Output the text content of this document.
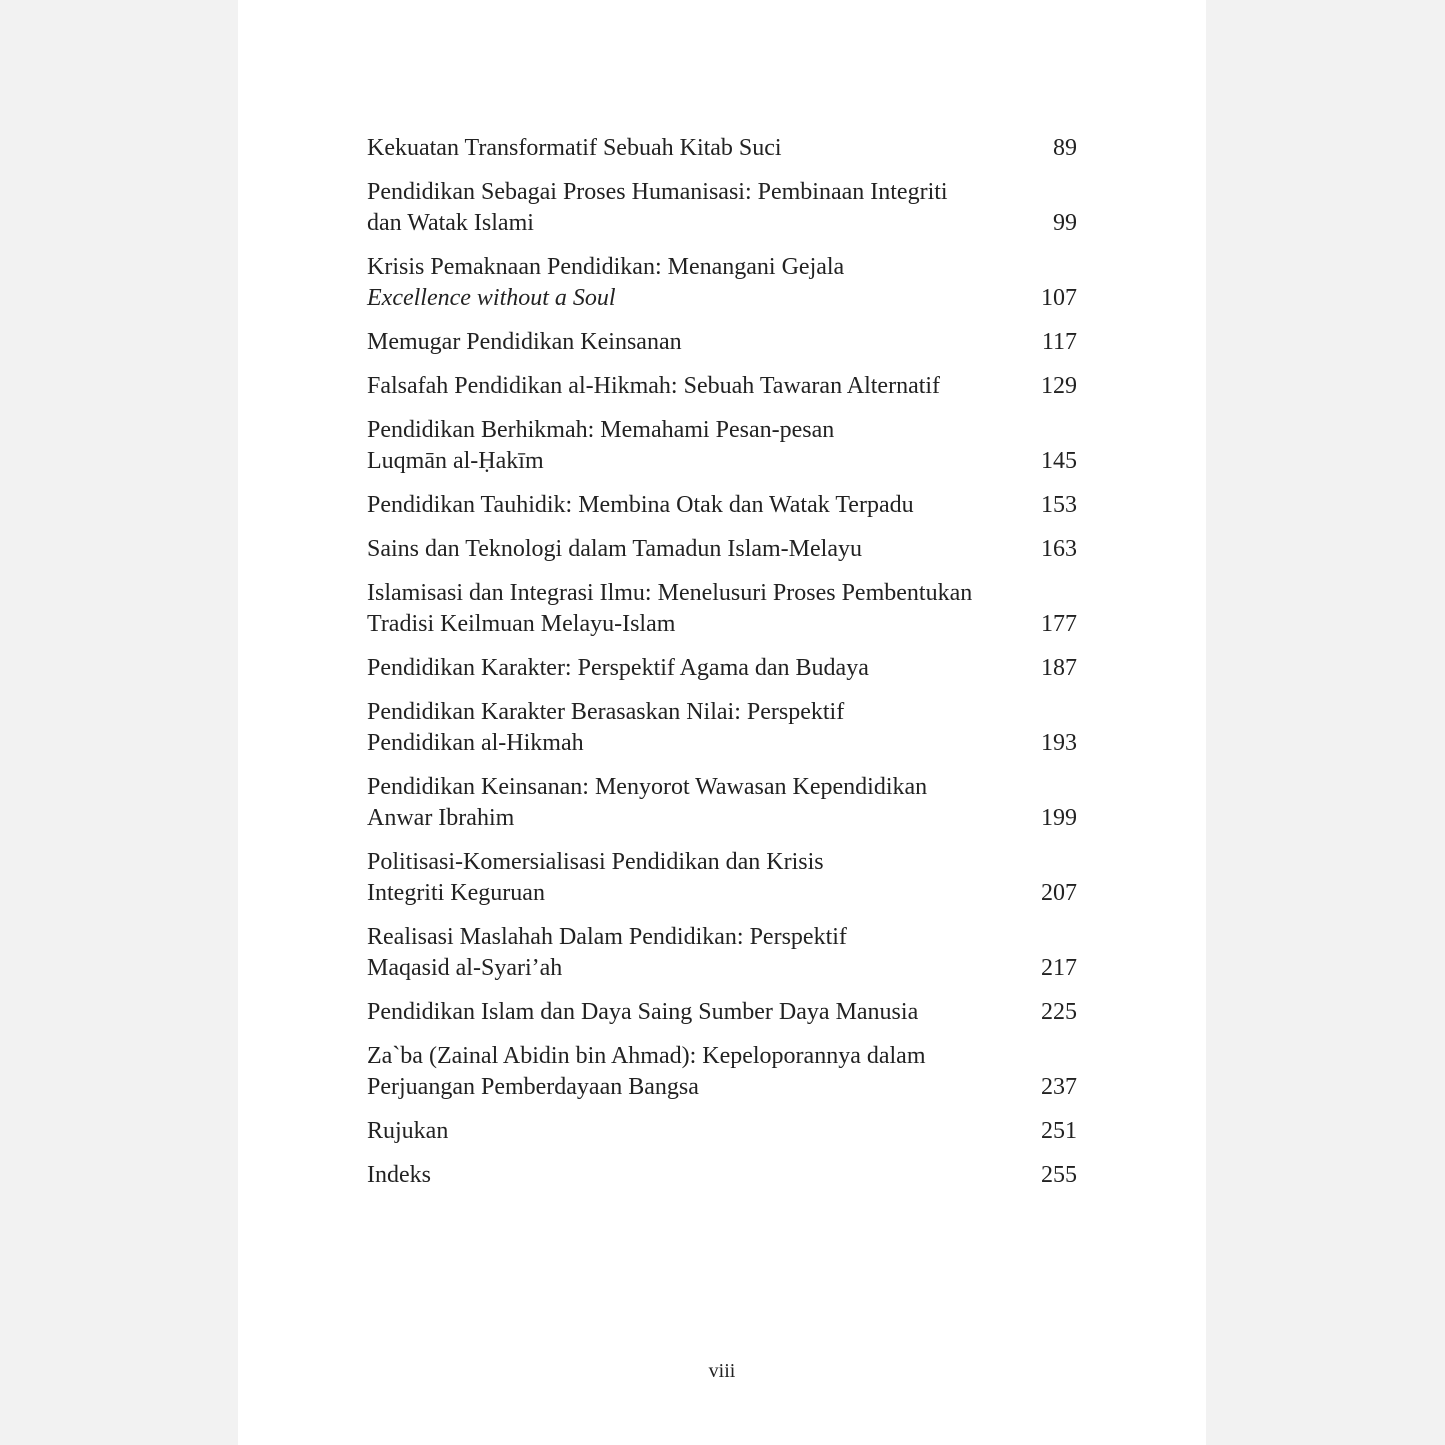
Kekuatan Transformatif Sebuah Kitab Suci	89
Pendidikan Sebagai Proses Humanisasi: Pembinaan Integriti
dan Watak Islami	99
Krisis Pemaknaan Pendidikan: Menangani Gejala
Excellence without a Soul	107
Memugar Pendidikan Keinsanan	117
Falsafah Pendidikan al-Hikmah: Sebuah Tawaran Alternatif	129
Pendidikan Berhikmah: Memahami Pesan-pesan
Luqmān al-Ḥakīm	145
Pendidikan Tauhidik: Membina Otak dan Watak Terpadu	153
Sains dan Teknologi dalam Tamadun Islam-Melayu	163
Islamisasi dan Integrasi Ilmu: Menelusuri Proses Pembentukan
Tradisi Keilmuan Melayu-Islam	177
Pendidikan Karakter: Perspektif Agama dan Budaya	187
Pendidikan Karakter Berasaskan Nilai: Perspektif
Pendidikan al-Hikmah	193
Pendidikan Keinsanan: Menyorot Wawasan Kependidikan
Anwar Ibrahim	199
Politisasi-Komersialisasi Pendidikan dan Krisis
Integriti Keguruan	207
Realisasi Maslahah Dalam Pendidikan: Perspektif
Maqasid al-Syari’ah	217
Pendidikan Islam dan Daya Saing Sumber Daya Manusia	225
Za`ba (Zainal Abidin bin Ahmad): Kepeloporannya dalam
Perjuangan Pemberdayaan Bangsa	237
Rujukan	251
Indeks	255
viii
